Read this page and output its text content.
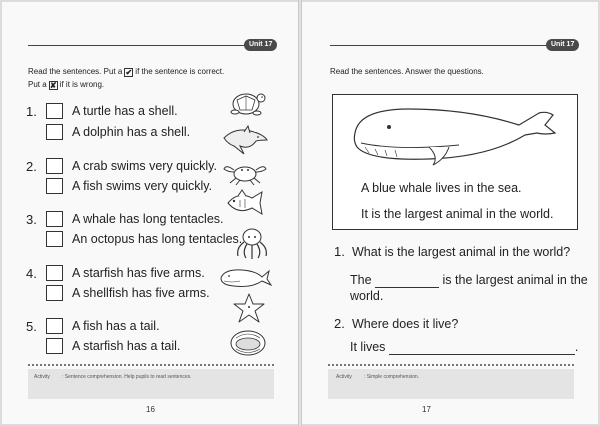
Unit 17
Read the sentences. Put a ✔ if the sentence is correct.
Put a ✘ if it is wrong.
1.	A turtle has a shell.
A dolphin has a shell.
2.	A crab swims very quickly.
A fish swims very quickly.
3.	A whale has long tentacles.
An octopus has long tentacles.
4.	A starfish has five arms.
A shellfish has five arms.
5.	A fish has a tail.
A starfish has a tail.
Activity : Sentence comprehension. Help pupils to read sentences.
16
Unit 17
Read the sentences. Answer the questions.
A blue whale lives in the sea.
It is the largest animal in the world.
1. What is the largest animal in the world?
The	is the largest animal in the
world.
2. Where does it live?
It lives	.
Activity : Simple comprehension.
17
